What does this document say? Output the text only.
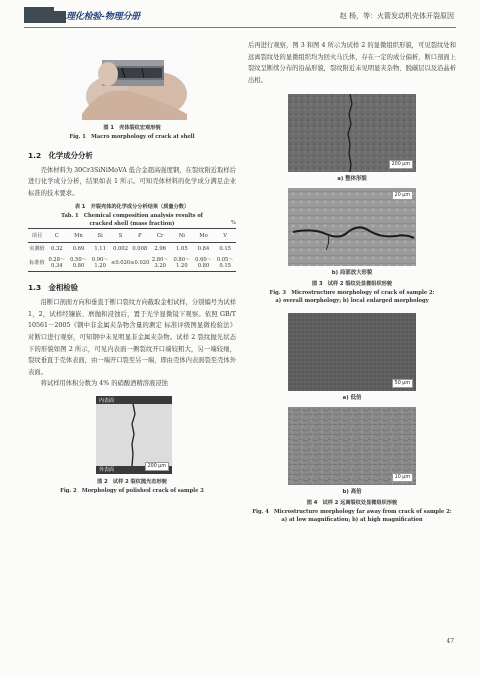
理化检验-物理分册	赵 杨，等：火箭发动机壳体开裂原因
图 1　壳体裂纹宏观形貌
Fig. 1　Macro morphology of crack at shell
1.2　化学成分分析

壳体材料为 30Cr3SiNiMoVA 低合金超高强度钢，在裂纹附近取样后进行化学成分分析，结果如表 1 所示。可知壳体材料的化学成分满足企业标准的技术要求。

表 1　开裂壳体的化学成分分析结果（质量分数）
Tab. 1　Chemical composition analysis results of
cracked shell (mass fraction)	%
项目	C	Mn	Si	S	P	Cr	Ni	Mo	V
实测值	0.32	0.69	1.11	0.002	0.008	2.96	1.05	0.84	0.15
标准值	0.28～0.34	0.50～0.80	0.90～1.20	≤0.020	≤0.020	2.80～3.20	0.80～1.20	0.60～0.80	0.05～0.15
1.3　金相检验

沿断口剖面方向和垂直于断口裂纹方向截取金相试样，分别编号为试样 1，2，试样经镶嵌、磨抛和浸蚀后，置于光学显微镜下观察。依照 GB/T 10561－2005《钢中非金属夹杂物含量的测定 标准评级图显微检验法》对断口进行观察，可知钢中未见明显非金属夹杂物。试样 2 裂纹抛光状态下的形貌如图 2 所示，可见内表面一侧裂纹开口端较粗大，另一端较细，裂纹垂直于壳体表面，由一端开口裂至另一端，即由壳体内表面裂至壳体外表面。

将试样用体积分数为 4% 的硝酸酒精溶液浸蚀

内表面
外表面
200 μm
图 2　试样 2 裂纹抛光态形貌
Fig. 2　Morphology of polished crack of sample 2

后再进行观察，图 3 和图 4 所示为试样 2 的显微组织形貌，可见裂纹处和远离裂纹处的显微组织均为回火马氏体，存在一定的成分偏析，断口剖面上裂纹呈断续分布的沿晶形貌，裂纹附近未见明显夹杂物、脱碳层以及沿晶析出相。

200 μm
a) 整体形貌
20 μm
b) 局部放大形貌
图 3　试样 2 裂纹处显微组织形貌
Fig. 3　Microstructure morphology of crack of sample 2:
a) overall morphology; b) local enlarged morphology
50 μm
a) 低倍
10 μm
b) 高倍
图 4　试样 2 远离裂纹处显微组织形貌
Fig. 4　Microstructure morphology far away from crack of sample 2:
a) at low magnification; b) at high magnification
47
